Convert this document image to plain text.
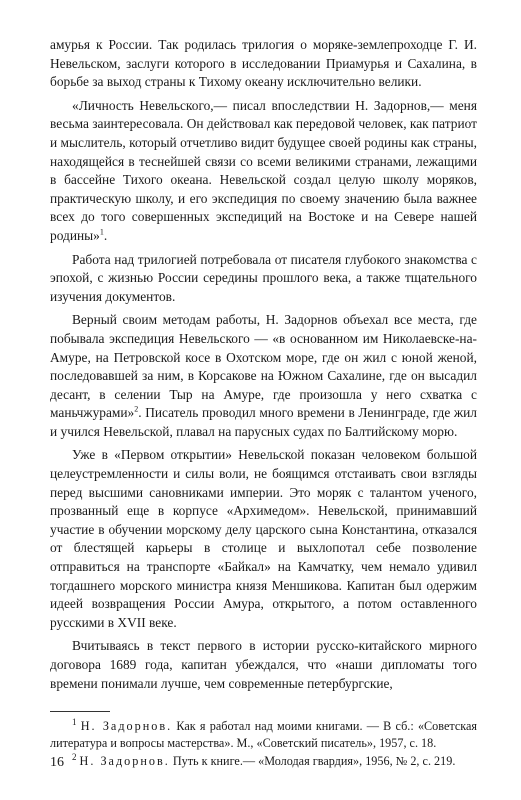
амурья к России. Так родилась трилогия о моряке-землепроходце Г. И. Невельском, заслуги которого в исследовании Приамурья и Сахалина, в борьбе за выход страны к Тихому океану исключительно велики.

«Личность Невельского,— писал впоследствии Н. Задорнов,— меня весьма заинтересовала. Он действовал как передовой человек, как патриот и мыслитель, который отчетливо видит будущее своей родины как страны, находящейся в теснейшей связи со всеми великими странами, лежащими в бассейне Тихого океана. Невельской создал целую школу моряков, практическую школу, и его экспедиция по своему значению была важнее всех до того совершенных экспедиций на Востоке и на Севере нашей родины»$^1$.

Работа над трилогией потребовала от писателя глубокого знакомства с эпохой, с жизнью России середины прошлого века, а также тщательного изучения документов.

Верный своим методам работы, Н. Задорнов объехал все места, где побывала экспедиция Невельского — «в основанном им Николаевске-на-Амуре, на Петровской косе в Охотском море, где он жил с юной женой, последовавшей за ним, в Корсакове на Южном Сахалине, где он высадил десант, в селении Тыр на Амуре, где произошла у него схватка с маньчжурами»$^2$. Писатель проводил много времени в Ленинграде, где жил и учился Невельской, плавал на парусных судах по Балтийскому морю.

Уже в «Первом открытии» Невельской показан человеком большой целеустремленности и силы воли, не боящимся отстаивать свои взгляды перед высшими сановниками империи. Это моряк с талантом ученого, прозванный еще в корпусе «Архимедом». Невельской, принимавший участие в обучении морскому делу царского сына Константина, отказался от блестящей карьеры в столице и выхлопотал себе позволение отправиться на транспорте «Байкал» на Камчатку, чем немало удивил тогдашнего морского министра князя Меншикова. Капитан был одержим идеей возвращения России Амура, открытого, а потом оставленного русскими в XVII веке.

Вчитываясь в текст первого в истории русско-китайского мирного договора 1689 года, капитан убеждался, что «наши дипломаты того времени понимали лучше, чем современные петербургские,

$^1$ Н. Задорнов. Как я работал над моими книгами. — В сб.: «Советская литература и вопросы мастерства». М., «Советский писатель», 1957, с. 18.

$^2$ Н. Задорнов. Путь к книге.— «Молодая гвардия», 1956, № 2, с. 219.

16
